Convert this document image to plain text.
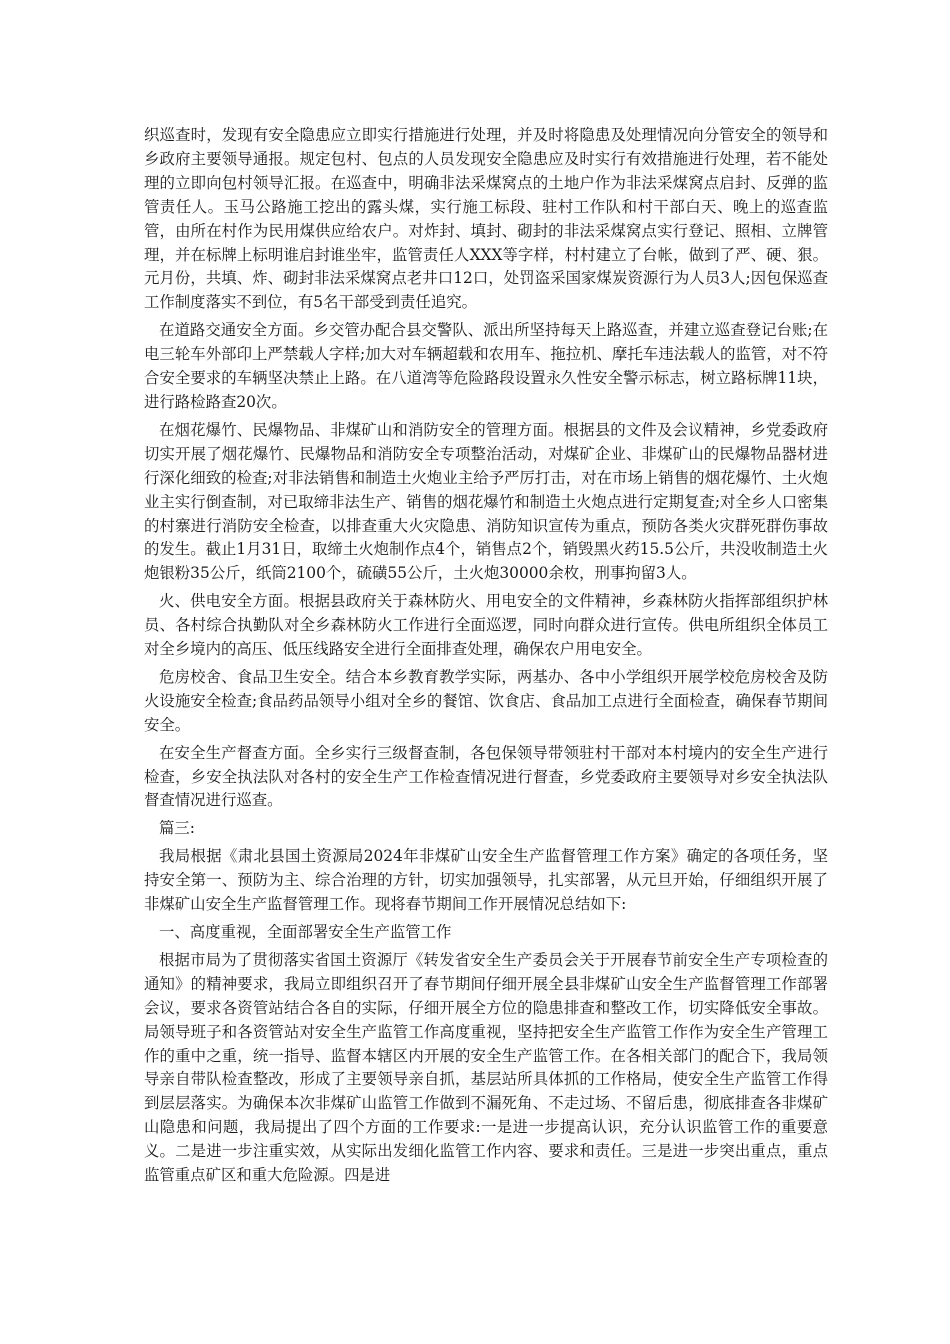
织巡查时，发现有安全隐患应立即实行措施进行处理，并及时将隐患及处理情况向分管安全的领导和乡政府主要领导通报。规定包村、包点的人员发现安全隐患应及时实行有效措施进行处理，若不能处理的立即向包村领导汇报。在巡查中，明确非法采煤窝点的土地户作为非法采煤窝点启封、反弹的监管责任人。玉马公路施工挖出的露头煤，实行施工标段、驻村工作队和村干部白天、晚上的巡查监管，由所在村作为民用煤供应给农户。对炸封、填封、砌封的非法采煤窝点实行登记、照相、立牌管理，并在标牌上标明谁启封谁坐牢，监管责任人XXX等字样，村村建立了台帐，做到了严、硬、狠。元月份，共填、炸、砌封非法采煤窝点老井口12口，处罚盗采国家煤炭资源行为人员3人;因包保巡查工作制度落实不到位，有5名干部受到责任追究。

在道路交通安全方面。乡交管办配合县交警队、派出所坚持每天上路巡查，并建立巡查登记台账;在电三轮车外部印上严禁载人字样;加大对车辆超载和农用车、拖拉机、摩托车违法载人的监管，对不符合安全要求的车辆坚决禁止上路。在八道湾等危险路段设置永久性安全警示标志，树立路标牌11块，进行路检路查20次。

在烟花爆竹、民爆物品、非煤矿山和消防安全的管理方面。根据县的文件及会议精神，乡党委政府切实开展了烟花爆竹、民爆物品和消防安全专项整治活动，对煤矿企业、非煤矿山的民爆物品器材进行深化细致的检查;对非法销售和制造土火炮业主给予严厉打击，对在市场上销售的烟花爆竹、土火炮业主实行倒查制，对已取缔非法生产、销售的烟花爆竹和制造土火炮点进行定期复查;对全乡人口密集的村寨进行消防安全检查，以排查重大火灾隐患、消防知识宣传为重点，预防各类火灾群死群伤事故的发生。截止1月31日，取缔土火炮制作点4个，销售点2个，销毁黑火药15.5公斤，共没收制造土火炮银粉35公斤，纸筒2100个，硫磺55公斤，土火炮30000余枚，刑事拘留3人。

火、供电安全方面。根据县政府关于森林防火、用电安全的文件精神，乡森林防火指挥部组织护林员、各村综合执勤队对全乡森林防火工作进行全面巡逻，同时向群众进行宣传。供电所组织全体员工对全乡境内的高压、低压线路安全进行全面排查处理，确保农户用电安全。

危房校舍、食品卫生安全。结合本乡教育教学实际，两基办、各中小学组织开展学校危房校舍及防火设施安全检查;食品药品领导小组对全乡的餐馆、饮食店、食品加工点进行全面检查，确保春节期间安全。

在安全生产督查方面。全乡实行三级督查制，各包保领导带领驻村干部对本村境内的安全生产进行检查，乡安全执法队对各村的安全生产工作检查情况进行督查，乡党委政府主要领导对乡安全执法队督查情况进行巡查。

篇三:

我局根据《肃北县国土资源局2024年非煤矿山安全生产监督管理工作方案》确定的各项任务，坚持安全第一、预防为主、综合治理的方针，切实加强领导，扎实部署，从元旦开始，仔细组织开展了非煤矿山安全生产监督管理工作。现将春节期间工作开展情况总结如下:

一、高度重视，全面部署安全生产监管工作

根据市局为了贯彻落实省国土资源厅《转发省安全生产委员会关于开展春节前安全生产专项检查的通知》的精神要求，我局立即组织召开了春节期间仔细开展全县非煤矿山安全生产监督管理工作部署会议，要求各资管站结合各自的实际，仔细开展全方位的隐患排查和整改工作，切实降低安全事故。局领导班子和各资管站对安全生产监管工作高度重视，坚持把安全生产监管工作作为安全生产管理工作的重中之重，统一指导、监督本辖区内开展的安全生产监管工作。在各相关部门的配合下，我局领导亲自带队检查整改，形成了主要领导亲自抓，基层站所具体抓的工作格局，使安全生产监管工作得到层层落实。为确保本次非煤矿山监管工作做到不漏死角、不走过场、不留后患，彻底排查各非煤矿山隐患和问题，我局提出了四个方面的工作要求:一是进一步提高认识，充分认识监管工作的重要意义。二是进一步注重实效，从实际出发细化监管工作内容、要求和责任。三是进一步突出重点，重点监管重点矿区和重大危险源。四是进
